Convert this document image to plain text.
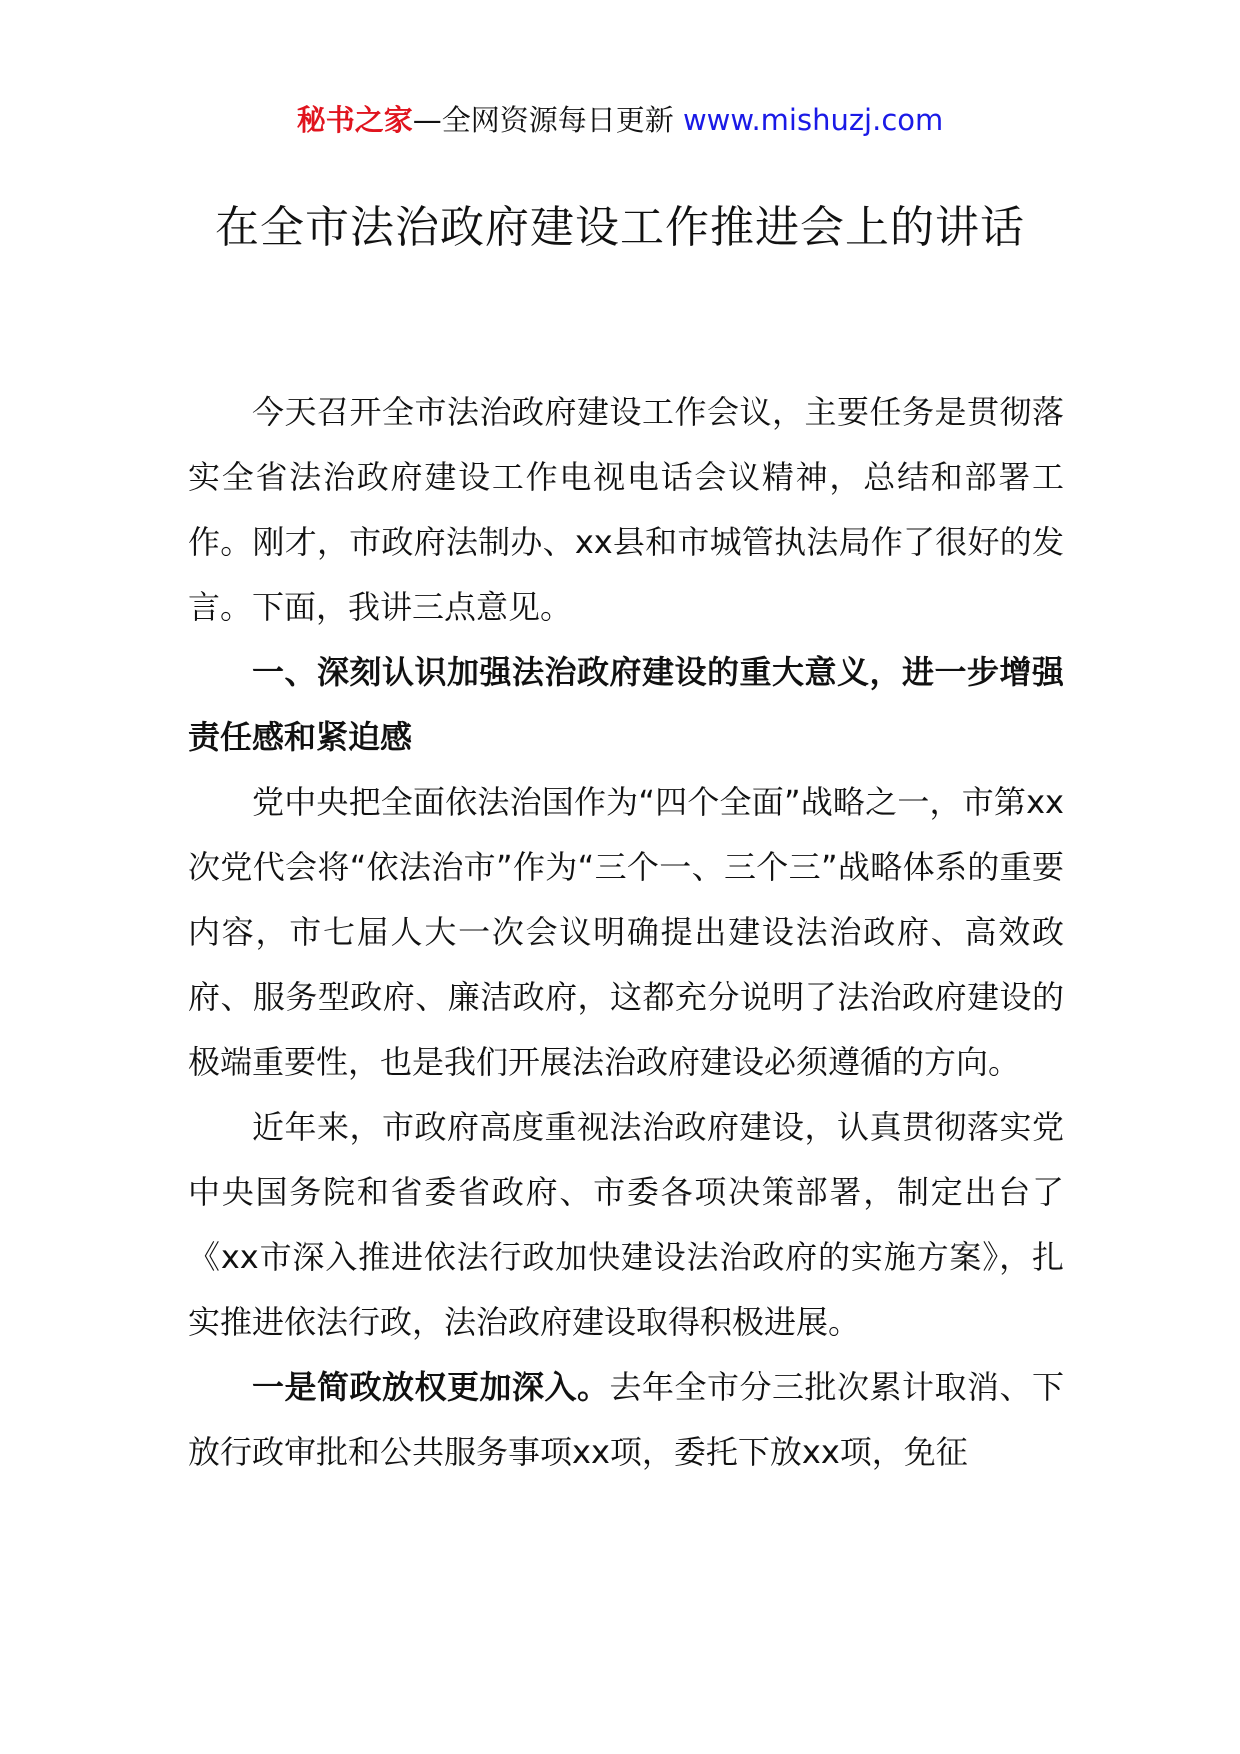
秘书之家—全网资源每日更新 www.mishuzj.com
在全市法治政府建设工作推进会上的讲话

今天召开全市法治政府建设工作会议，主要任务是贯彻落实全省法治政府建设工作电视电话会议精神，总结和部署工作。刚才，市政府法制办、xx县和市城管执法局作了很好的发言。下面，我讲三点意见。

一、深刻认识加强法治政府建设的重大意义，进一步增强责任感和紧迫感

党中央把全面依法治国作为“四个全面”战略之一，市第xx次党代会将“依法治市”作为“三个一、三个三”战略体系的重要内容，市七届人大一次会议明确提出建设法治政府、高效政府、服务型政府、廉洁政府，这都充分说明了法治政府建设的极端重要性，也是我们开展法治政府建设必须遵循的方向。

近年来，市政府高度重视法治政府建设，认真贯彻落实党中央国务院和省委省政府、市委各项决策部署，制定出台了《xx市深入推进依法行政加快建设法治政府的实施方案》，扎实推进依法行政，法治政府建设取得积极进展。

一是简政放权更加深入。去年全市分三批次累计取消、下放行政审批和公共服务事项xx项，委托下放xx项，免征
